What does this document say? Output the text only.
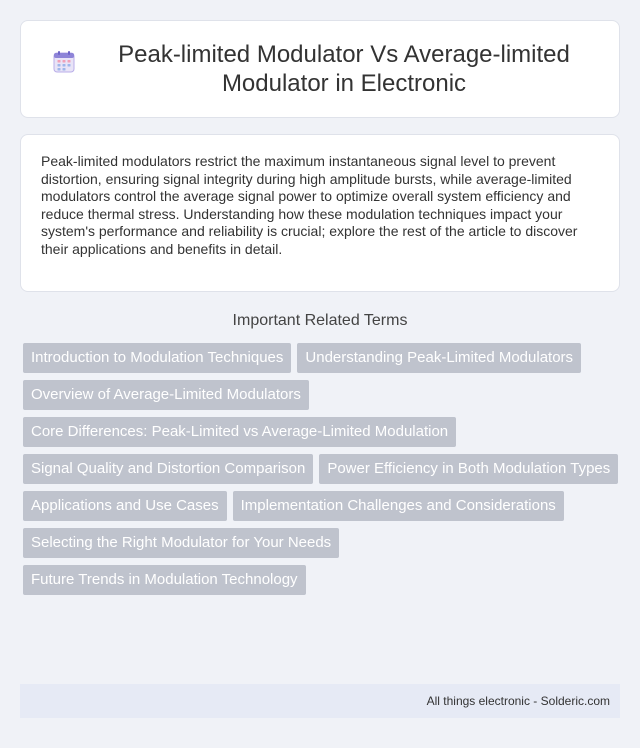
Peak-limited Modulator Vs Average-limited Modulator in Electronic

Peak-limited modulators restrict the maximum instantaneous signal level to prevent distortion, ensuring signal integrity during high amplitude bursts, while average-limited modulators control the average signal power to optimize overall system efficiency and reduce thermal stress. Understanding how these modulation techniques impact your system's performance and reliability is crucial; explore the rest of the article to discover their applications and benefits in detail.

Important Related Terms
Introduction to Modulation Techniques	Understanding Peak-Limited Modulators
Overview of Average-Limited Modulators
Core Differences: Peak-Limited vs Average-Limited Modulation
Signal Quality and Distortion Comparison	Power Efficiency in Both Modulation Types
Applications and Use Cases	Implementation Challenges and Considerations
Selecting the Right Modulator for Your Needs
Future Trends in Modulation Technology
All things electronic - Solderic.com
